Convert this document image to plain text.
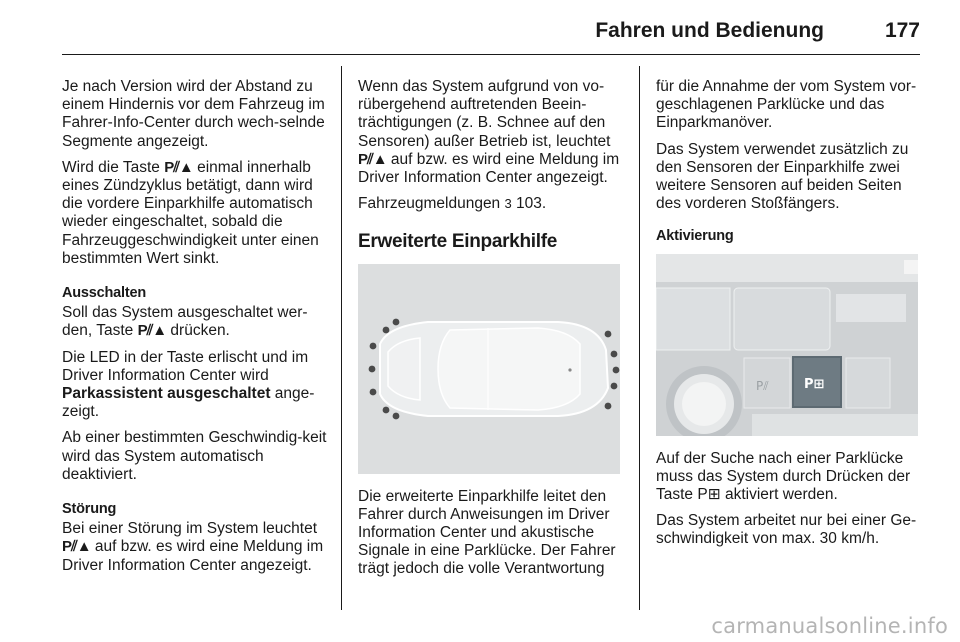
Fahren und Bedienung	177

Je nach Version wird der Abstand zu einem Hindernis vor dem Fahrzeug im Fahrer-Info-Center durch wech-selnde Segmente angezeigt.

Wird die Taste P⫽▲ einmal innerhalb eines Zündzyklus betätigt, dann wird die vordere Einparkhilfe automatisch wieder eingeschaltet, sobald die Fahrzeuggeschwindigkeit unter einen bestimmten Wert sinkt.

Ausschalten

Soll das System ausgeschaltet wer-den, Taste P⫽▲ drücken.

Die LED in der Taste erlischt und im Driver Information Center wird Parkassistent ausgeschaltet ange-zeigt.

Ab einer bestimmten Geschwindig-keit wird das System automatisch deaktiviert.

Störung

Bei einer Störung im System leuchtet P⫽▲ auf bzw. es wird eine Meldung im Driver Information Center angezeigt.

Wenn das System aufgrund von vo-rübergehend auftretenden Beein-trächtigungen (z. B. Schnee auf den Sensoren) außer Betrieb ist, leuchtet P⫽▲ auf bzw. es wird eine Meldung im Driver Information Center angezeigt.

Fahrzeugmeldungen 3 103.

Erweiterte Einparkhilfe

Die erweiterte Einparkhilfe leitet den Fahrer durch Anweisungen im Driver Information Center und akustische Signale in eine Parklücke. Der Fahrer trägt jedoch die volle Verantwortung

für die Annahme der vom System vor-geschlagenen Parklücke und das Einparkmanöver.

Das System verwendet zusätzlich zu den Sensoren der Einparkhilfe zwei weitere Sensoren auf beiden Seiten des vorderen Stoßfängers.

Aktivierung
P⫽	P⊞

Auf der Suche nach einer Parklücke muss das System durch Drücken der Taste P⊞ aktiviert werden.

Das System arbeitet nur bei einer Ge-schwindigkeit von max. 30 km/h.

carmanualsonline.info
